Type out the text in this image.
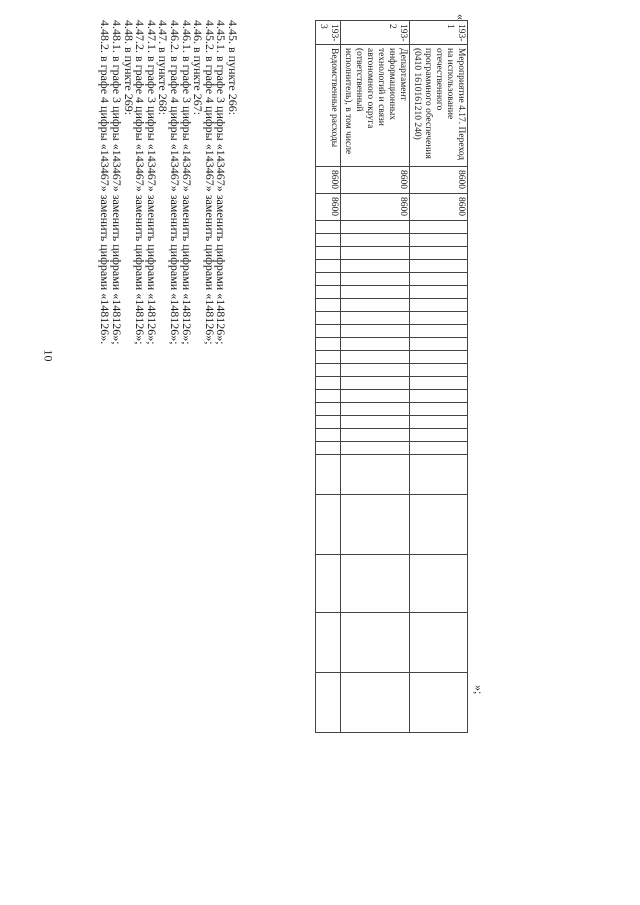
10
«
193-1	Мероприятие 4.17. Переход на использование отечественного программного обеспечения (0410 1610161210 240)	8600	8600																							
193-2	Департамент информационных технологий и связи автономного округа (ответственный исполнитель), в том числе	8600	8600																							
193-3	Ведомственные расходы	8600	8600																							
»;
4.45. в пункте 266:
4.45.1. в графе 3 цифры «143467» заменить цифрами «148126»;
4.45.2. в графе 4 цифры «143467» заменить цифрами «148126»;
4.46. в пункте 267:
4.46.1. в графе 3 цифры «143467» заменить цифрами «148126»;
4.46.2. в графе 4 цифры «143467» заменить цифрами «148126»;
4.47. в пункте 268:
4.47.1. в графе 3 цифры «143467» заменить цифрами «148126»;
4.47.2. в графе 4 цифры «143467» заменить цифрами «148126»;
4.48. в пункте 269:
4.48.1. в графе 3 цифры «143467» заменить цифрами «148126»;
4.48.2. в графе 4 цифры «143467» заменить цифрами «148126».
